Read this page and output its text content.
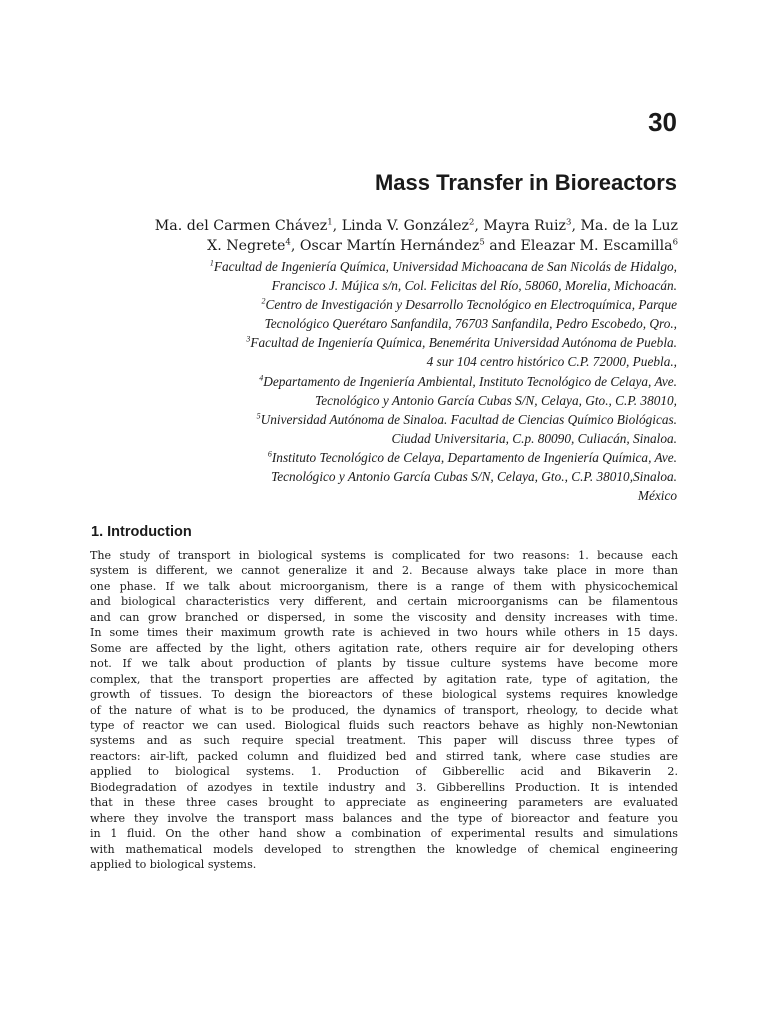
30
Mass Transfer in Bioreactors
Ma. del Carmen Chávez$^1$, Linda V. González$^2$, Mayra Ruiz$^3$, Ma. de la Luz
X. Negrete$^4$, Oscar Martín Hernández$^5$ and Eleazar M. Escamilla$^6$
$^1$Facultad de Ingeniería Química, Universidad Michoacana de San Nicolás de Hidalgo,
Francisco J. Mújica s/n, Col. Felicitas del Río, 58060, Morelia, Michoacán.
$^2$Centro de Investigación y Desarrollo Tecnológico en Electroquímica, Parque
Tecnológico Querétaro Sanfandila, 76703 Sanfandila, Pedro Escobedo, Qro.,
$^3$Facultad de Ingeniería Química, Benemérita Universidad Autónoma de Puebla.
4 sur 104 centro histórico C.P. 72000, Puebla.,
$^4$Departamento de Ingeniería Ambiental, Instituto Tecnológico de Celaya, Ave.
Tecnológico y Antonio García Cubas S/N, Celaya, Gto., C.P. 38010,
$^5$Universidad Autónoma de Sinaloa. Facultad de Ciencias Químico Biológicas.
Ciudad Universitaria, C.p. 80090, Culiacán, Sinaloa.
$^6$Instituto Tecnológico de Celaya, Departamento de Ingeniería Química, Ave.
Tecnológico y Antonio García Cubas S/N, Celaya, Gto., C.P. 38010,Sinaloa.
México
1. Introduction
The study of transport in biological systems is complicated for two reasons: 1. because each
system is different, we cannot generalize it and 2. Because always take place in more than
one phase. If we talk about microorganism, there is a range of them with physicochemical
and biological characteristics very different, and certain microorganisms can be filamentous
and can grow branched or dispersed, in some the viscosity and density increases with time.
In some times their maximum growth rate is achieved in two hours while others in 15 days.
Some are affected by the light, others agitation rate, others require air for developing others
not. If we talk about production of plants by tissue culture systems have become more
complex, that the transport properties are affected by agitation rate, type of agitation, the
growth of tissues. To design the bioreactors of these biological systems requires knowledge
of the nature of what is to be produced, the dynamics of transport, rheology, to decide what
type of reactor we can used. Biological fluids such reactors behave as highly non-Newtonian
systems and as such require special treatment. This paper will discuss three types of
reactors: air-lift, packed column and fluidized bed and stirred tank, where case studies are
applied to biological systems. 1. Production of Gibberellic acid and Bikaverin 2.
Biodegradation of azodyes in textile industry and 3. Gibberellins Production. It is intended
that in these three cases brought to appreciate as engineering parameters are evaluated
where they involve the transport mass balances and the type of bioreactor and feature you
in 1 fluid. On the other hand show a combination of experimental results and simulations
with mathematical models developed to strengthen the knowledge of chemical engineering
applied to biological systems.
